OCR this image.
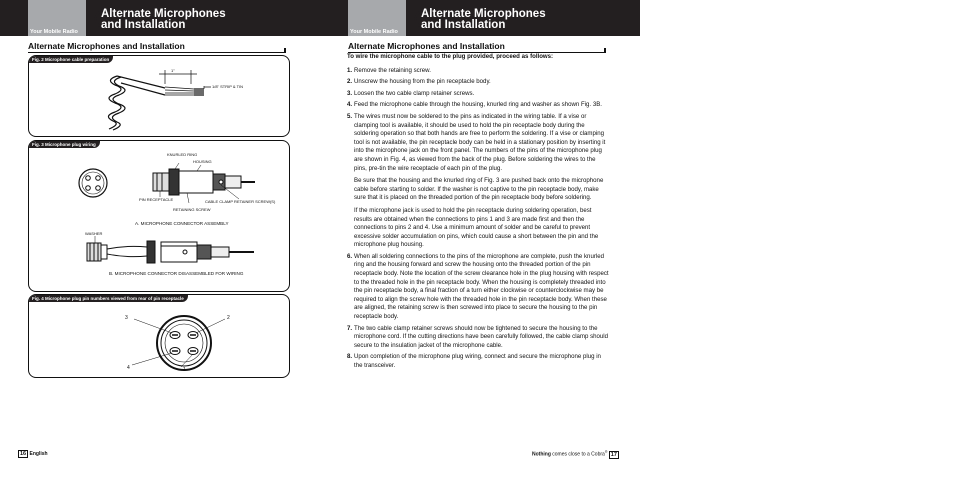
Your Mobile Radio
Alternate Microphones
and Installation
Alternate Microphones and Installation
1"
1/8" STRIP & TIN
Fig. 2 Microphone cable preparation
KNURLED RING
HOUSING
PIN RECEPTACLE
RETAINING SCREW
CABLE CLAMP RETAINER SCREW(S)
A. MICROPHONE CONNECTOR ASSEMBLY
WASHER
B. MICROPHONE CONNECTOR DISASSEMBLED FOR WIRING
Fig. 3 Microphone plug wiring
3	2
4	1
Fig. 4 Microphone plug pin numbers viewed from rear of pin receptacle
16 English
Your Mobile Radio
Alternate Microphones
and Installation
Alternate Microphones and Installation
To wire the microphone cable to the plug provided, proceed as follows:
1. Remove the retaining screw.
2. Unscrew the housing from the pin receptacle body.
3. Loosen the two cable clamp retainer screws.
4. Feed the microphone cable through the housing, knurled ring and washer as shown Fig. 3B.
5. The wires must now be soldered to the pins as indicated in the wiring table. If a vise or clamping tool is available, it should be used to hold the pin receptacle body during the soldering operation so that both hands are free to perform the soldering. If a vise or clamping tool is not available, the pin receptacle body can be held in a stationary position by inserting it into the microphone jack on the front panel. The numbers of the pins of the microphone plug are shown in Fig. 4, as viewed from the back of the plug. Before soldering the wires to the pins, pre-tin the wire receptacle of each pin of the plug.

Be sure that the housing and the knurled ring of Fig. 3 are pushed back onto the microphone cable before starting to solder. If the washer is not captive to the pin receptacle body, make sure that it is placed on the threaded portion of the pin receptacle body before soldering.

If the microphone jack is used to hold the pin receptacle during soldering operation, best results are obtained when the connections to pins 1 and 3 are made first and then the connections to pins 2 and 4. Use a minimum amount of solder and be careful to prevent excessive solder accumulation on pins, which could cause a short between the pin and the microphone plug housing.

6. When all soldering connections to the pins of the microphone are complete, push the knurled ring and the housing forward and screw the housing onto the threaded portion of the pin receptacle body. Note the location of the screw clearance hole in the plug housing with respect to the threaded hole in the pin receptacle body. When the housing is completely threaded into the pin receptacle body, a final fraction of a turn either clockwise or counterclockwise may be required to align the screw hole with the threaded hole in the pin receptacle body. When these are aligned, the retaining screw is then screwed into place to secure the housing to the pin receptacle body.
7. The two cable clamp retainer screws should now be tightened to secure the housing to the microphone cord. If the cutting directions have been carefully followed, the cable clamp should secure to the insulation jacket of the microphone cable.
8. Upon completion of the microphone plug wiring, connect and secure the microphone plug in the transceiver.
Nothing comes close to a Cobra® 17
